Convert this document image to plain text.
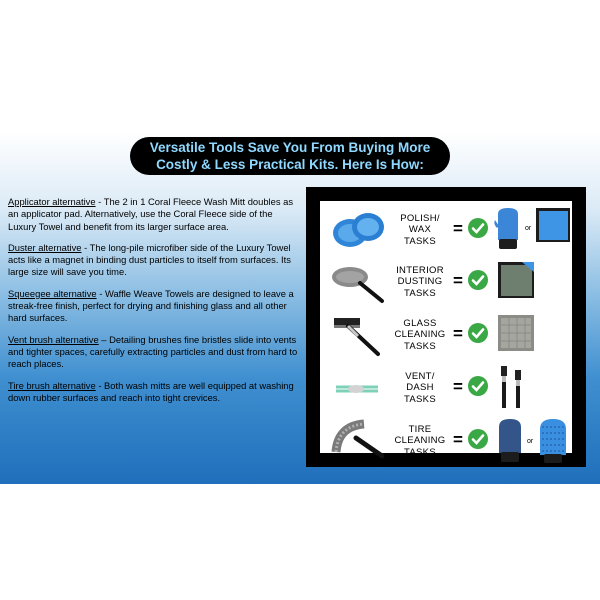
Versatile Tools Save You From Buying More
Costly & Less Practical Kits. Here Is How:

Applicator alternative - The 2 in 1 Coral Fleece Wash Mitt doubles as an applicator pad. Alternatively, use the Coral Fleece side of the Luxury Towel and benefit from its larger surface area.

Duster alternative - The long-pile microfiber side of the Luxury Towel acts like a magnet in binding dust particles to itself from surfaces. Its large size will save you time.

Squeegee alternative - Waffle Weave Towels are designed to leave a streak-free finish, perfect for drying and finishing glass and all other hard surfaces.

Vent brush alternative – Detailing brushes fine bristles slide into vents and tighter spaces, carefully extracting particles and dust from hard to reach places.

Tire brush alternative - Both wash mitts are well equipped at washing down rubber surfaces and reach into tight crevices.

POLISH/
WAX
TASKS
=	or
INTERIOR
DUSTING
TASKS
=
GLASS
CLEANING
TASKS
=
VENT/
DASH
TASKS
=
TIRE
CLEANING
TASKS
=	or
